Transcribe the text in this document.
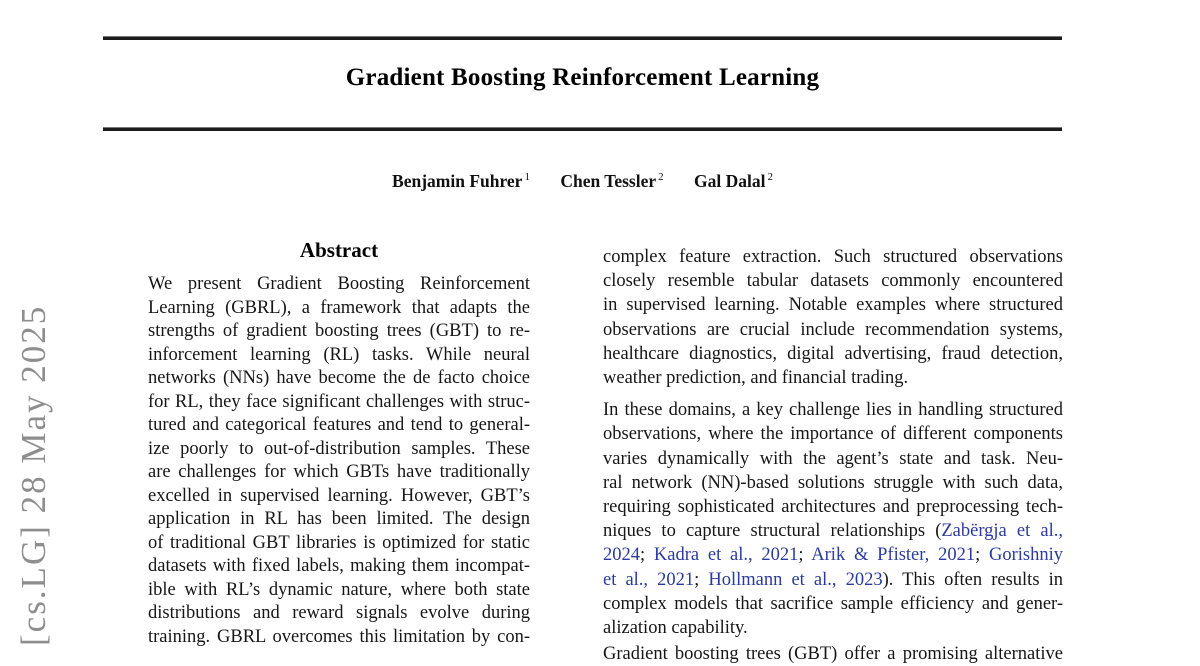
[cs.LG] 28 May 2025
Gradient Boosting Reinforcement Learning
Benjamin Fuhrer $^1$ Chen Tessler $^2$ Gal Dalal $^2$
Abstract
We present Gradient Boosting Reinforcement
Learning (GBRL), a framework that adapts the
strengths of gradient boosting trees (GBT) to re-
inforcement learning (RL) tasks. While neural
networks (NNs) have become the de facto choice
for RL, they face significant challenges with struc-
tured and categorical features and tend to general-
ize poorly to out-of-distribution samples. These
are challenges for which GBTs have traditionally
excelled in supervised learning. However, GBT’s
application in RL has been limited. The design
of traditional GBT libraries is optimized for static
datasets with fixed labels, making them incompat-
ible with RL’s dynamic nature, where both state
distributions and reward signals evolve during
training. GBRL overcomes this limitation by con-
complex feature extraction. Such structured observations
closely resemble tabular datasets commonly encountered
in supervised learning. Notable examples where structured
observations are crucial include recommendation systems,
healthcare diagnostics, digital advertising, fraud detection,
weather prediction, and financial trading.
In these domains, a key challenge lies in handling structured
observations, where the importance of different components
varies dynamically with the agent’s state and task. Neu-
ral network (NN)-based solutions struggle with such data,
requiring sophisticated architectures and preprocessing tech-
niques to capture structural relationships (Zabërgja et al.,
2024; Kadra et al., 2021; Arik & Pfister, 2021; Gorishniy
et al., 2021; Hollmann et al., 2023). This often results in
complex models that sacrifice sample efficiency and gener-
alization capability.
Gradient boosting trees (GBT) offer a promising alternative
